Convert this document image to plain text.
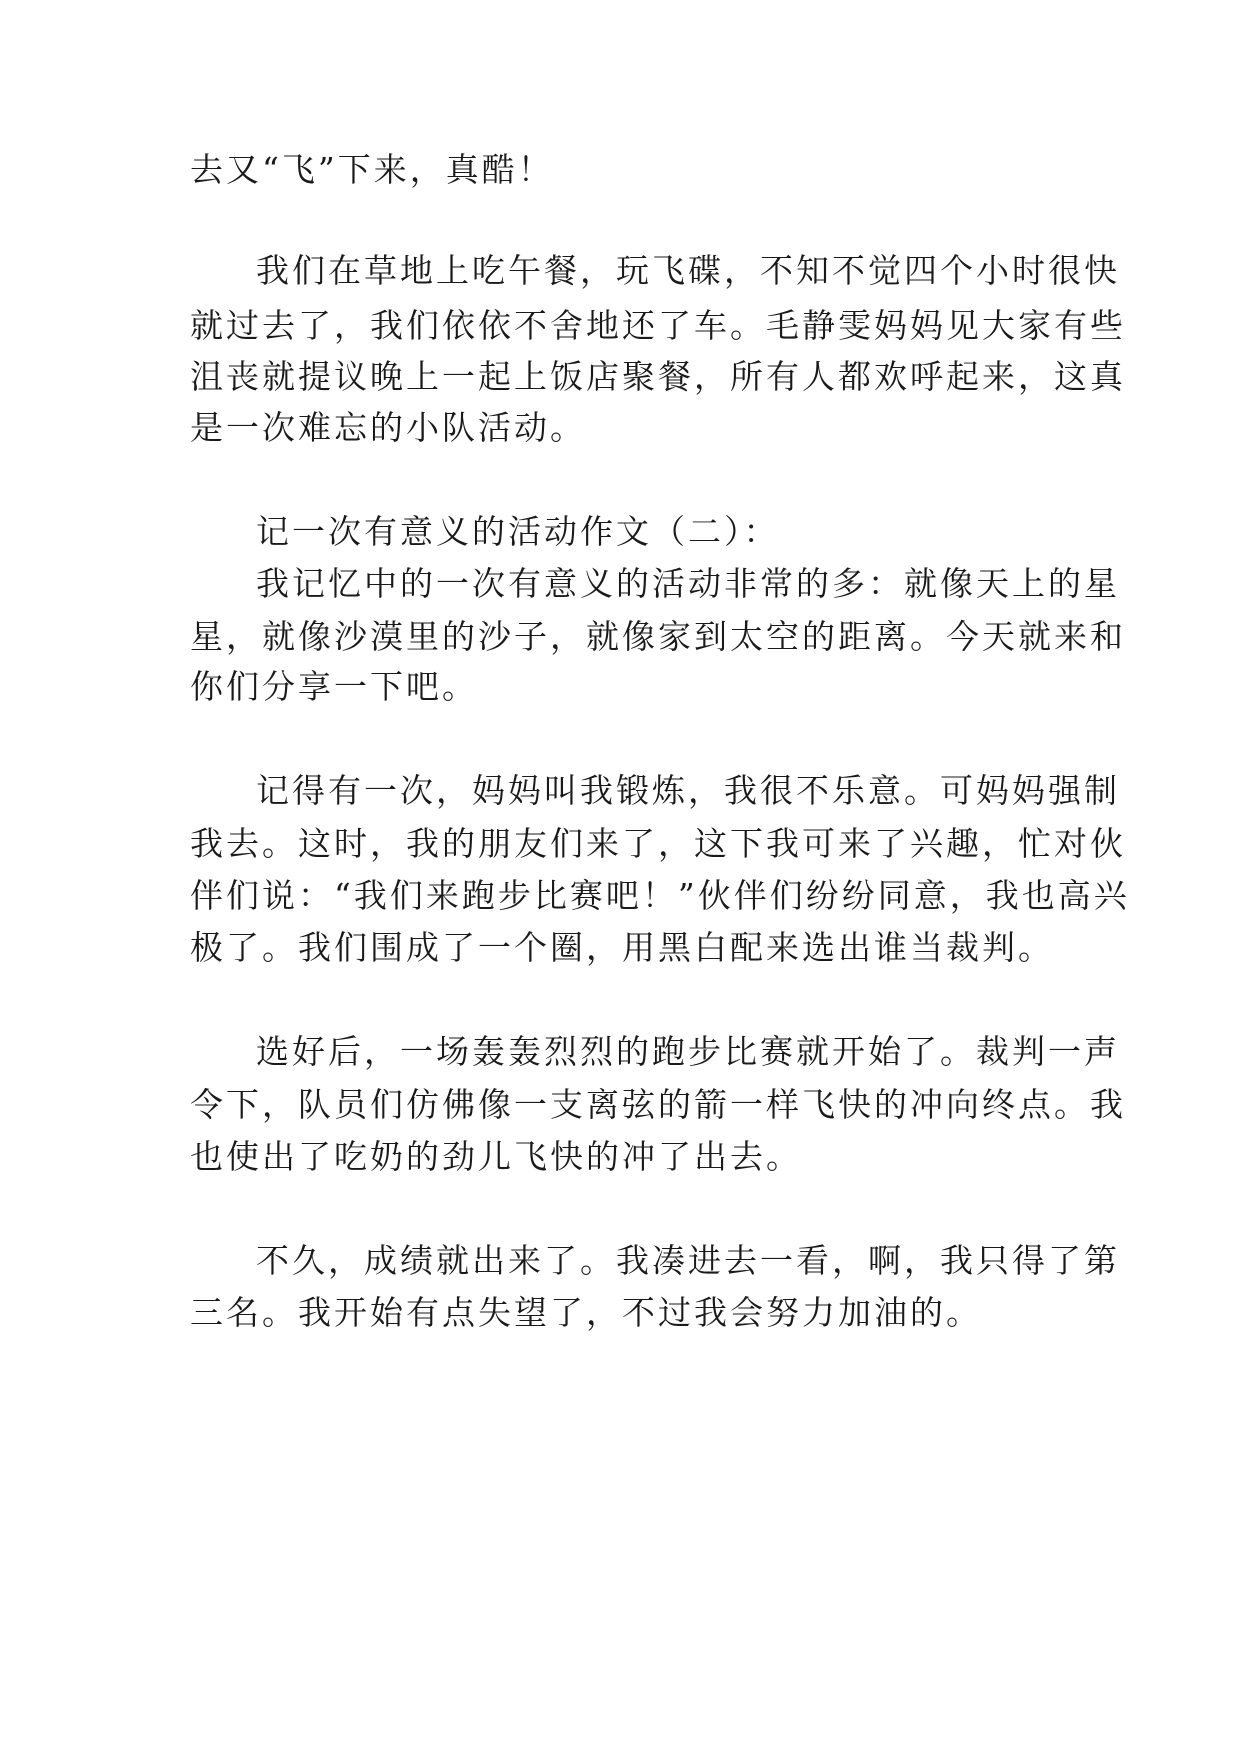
去又“飞”下来，真酷！
我们在草地上吃午餐，玩飞碟，不知不觉四个小时很快
就过去了，我们依依不舍地还了车。毛静雯妈妈见大家有些
沮丧就提议晚上一起上饭店聚餐，所有人都欢呼起来，这真
是一次难忘的小队活动。
记一次有意义的活动作文（二）：
我记忆中的一次有意义的活动非常的多：就像天上的星
星，就像沙漠里的沙子，就像家到太空的距离。今天就来和
你们分享一下吧。
记得有一次，妈妈叫我锻炼，我很不乐意。可妈妈强制
我去。这时，我的朋友们来了，这下我可来了兴趣，忙对伙
伴们说：“我们来跑步比赛吧！”伙伴们纷纷同意，我也高兴
极了。我们围成了一个圈，用黑白配来选出谁当裁判。
选好后，一场轰轰烈烈的跑步比赛就开始了。裁判一声
令下，队员们仿佛像一支离弦的箭一样飞快的冲向终点。我
也使出了吃奶的劲儿飞快的冲了出去。
不久，成绩就出来了。我凑进去一看，啊，我只得了第
三名。我开始有点失望了，不过我会努力加油的。
